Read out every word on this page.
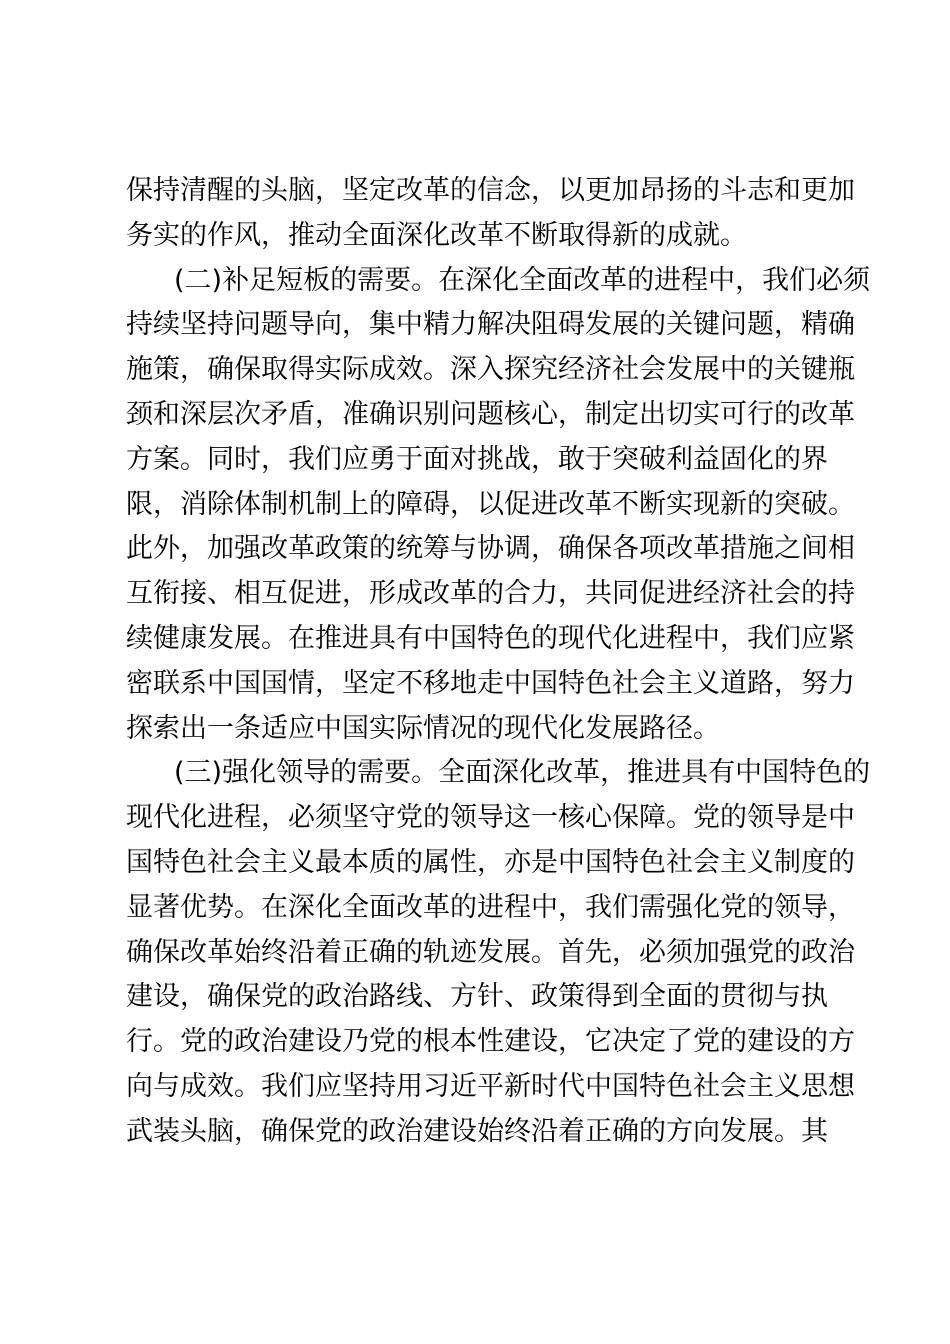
保持清醒的头脑，坚定改革的信念，以更加昂扬的斗志和更加
务实的作风，推动全面深化改革不断取得新的成就。
(二)补足短板的需要。在深化全面改革的进程中，我们必须
持续坚持问题导向，集中精力解决阻碍发展的关键问题，精确
施策，确保取得实际成效。深入探究经济社会发展中的关键瓶
颈和深层次矛盾，准确识别问题核心，制定出切实可行的改革
方案。同时，我们应勇于面对挑战，敢于突破利益固化的界
限，消除体制机制上的障碍，以促进改革不断实现新的突破。
此外，加强改革政策的统筹与协调，确保各项改革措施之间相
互衔接、相互促进，形成改革的合力，共同促进经济社会的持
续健康发展。在推进具有中国特色的现代化进程中，我们应紧
密联系中国国情，坚定不移地走中国特色社会主义道路，努力
探索出一条适应中国实际情况的现代化发展路径。
(三)强化领导的需要。全面深化改革，推进具有中国特色的
现代化进程，必须坚守党的领导这一核心保障。党的领导是中
国特色社会主义最本质的属性，亦是中国特色社会主义制度的
显著优势。在深化全面改革的进程中，我们需强化党的领导，
确保改革始终沿着正确的轨迹发展。首先，必须加强党的政治
建设，确保党的政治路线、方针、政策得到全面的贯彻与执
行。党的政治建设乃党的根本性建设，它决定了党的建设的方
向与成效。我们应坚持用习近平新时代中国特色社会主义思想
武装头脑，确保党的政治建设始终沿着正确的方向发展。其
